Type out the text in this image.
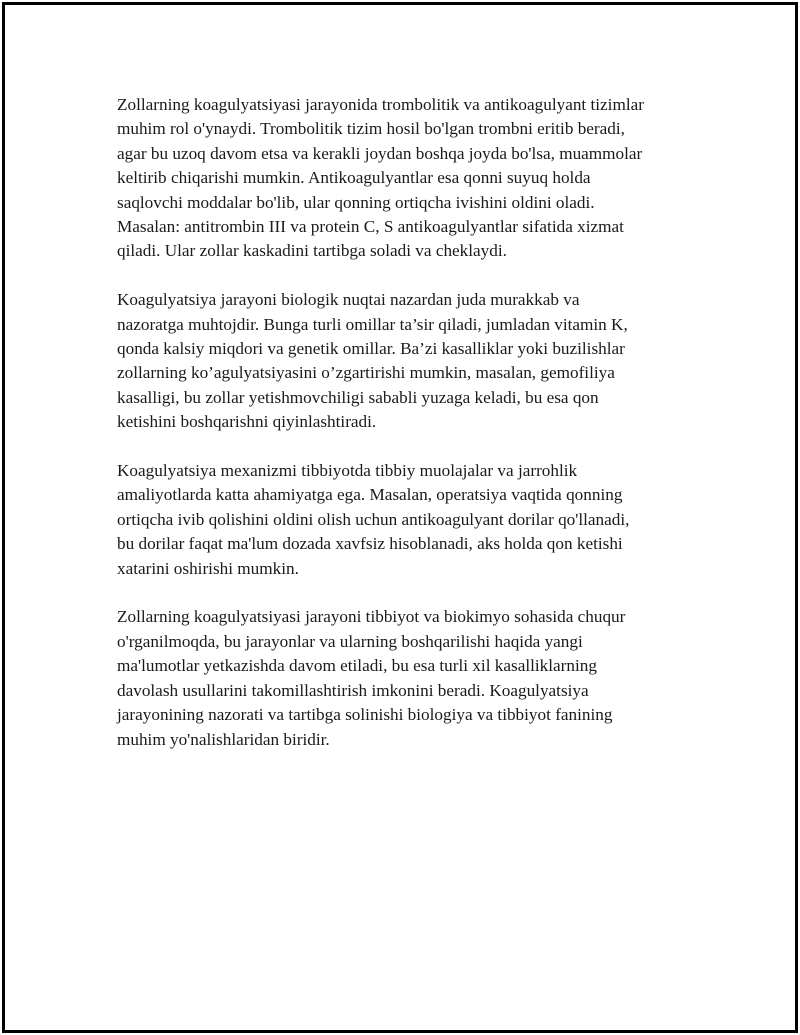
Zollarning koagulyatsiyasi jarayonida trombolitik va antikoagulyant tizimlar
muhim rol o'ynaydi. Trombolitik tizim hosil bo'lgan trombni eritib beradi,
agar bu uzoq davom etsa va kerakli joydan boshqa joyda bo'lsa, muammolar
keltirib chiqarishi mumkin. Antikoagulyantlar esa qonni suyuq holda
saqlovchi moddalar bo'lib, ular qonning ortiqcha ivishini oldini oladi.
Masalan: antitrombin III va protein C, S antikoagulyantlar sifatida xizmat
qiladi. Ular zollar kaskadini tartibga soladi va cheklaydi.

Koagulyatsiya jarayoni biologik nuqtai nazardan juda murakkab va
nazoratga muhtojdir. Bunga turli omillar ta’sir qiladi, jumladan vitamin K,
qonda kalsiy miqdori va genetik omillar. Ba’zi kasalliklar yoki buzilishlar
zollarning ko’agulyatsiyasini o’zgartirishi mumkin, masalan, gemofiliya
kasalligi, bu zollar yetishmovchiligi sababli yuzaga keladi, bu esa qon
ketishini boshqarishni qiyinlashtiradi.

Koagulyatsiya mexanizmi tibbiyotda tibbiy muolajalar va jarrohlik
amaliyotlarda katta ahamiyatga ega. Masalan, operatsiya vaqtida qonning
ortiqcha ivib qolishini oldini olish uchun antikoagulyant dorilar qo'llanadi,
bu dorilar faqat ma'lum dozada xavfsiz hisoblanadi, aks holda qon ketishi
xatarini oshirishi mumkin.

Zollarning koagulyatsiyasi jarayoni tibbiyot va biokimyo sohasida chuqur
o'rganilmoqda, bu jarayonlar va ularning boshqarilishi haqida yangi
ma'lumotlar yetkazishda davom etiladi, bu esa turli xil kasalliklarning
davolash usullarini takomillashtirish imkonini beradi. Koagulyatsiya
jarayonining nazorati va tartibga solinishi biologiya va tibbiyot fanining
muhim yo'nalishlaridan biridir.
